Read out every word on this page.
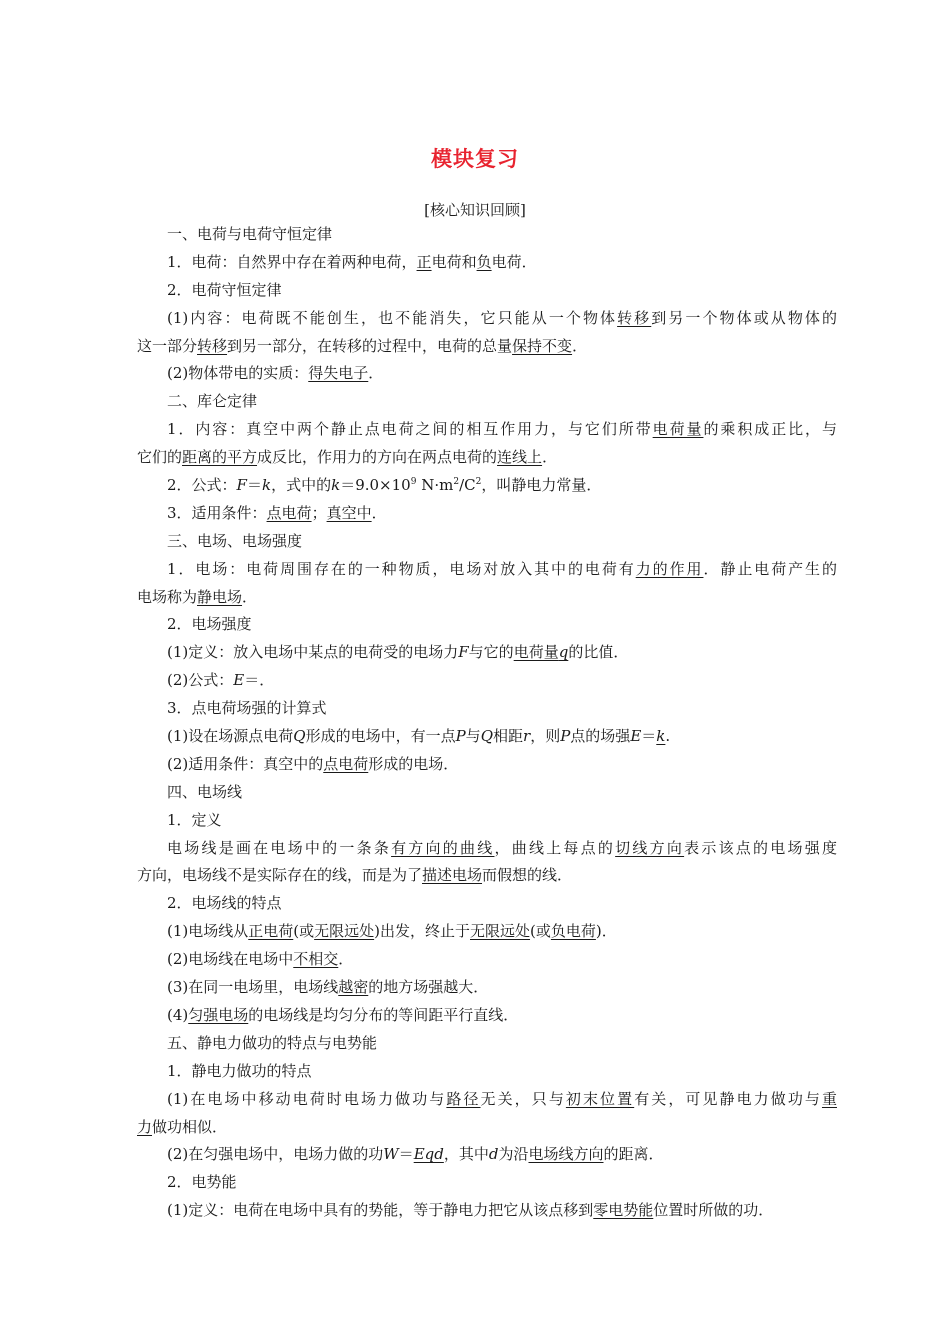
模块复习
[核心知识回顾]
一、电荷与电荷守恒定律
1．电荷：自然界中存在着两种电荷，正电荷和负电荷．
2．电荷守恒定律
(1)内容：电荷既不能创生，也不能消失，它只能从一个物体转移到另一个物体或从物体的
这一部分转移到另一部分，在转移的过程中，电荷的总量保持不变．
(2)物体带电的实质：得失电子．
二、库仑定律
1．内容：真空中两个静止点电荷之间的相互作用力，与它们所带电荷量的乘积成正比，与
它们的距离的平方成反比，作用力的方向在两点电荷的连线上．
2．公式：F＝k，式中的$k=9.0\times 10^9$ $N\cdot m^2/C^2$，叫静电力常量．
3．适用条件：点电荷；真空中．
三、电场、电场强度
1．电场：电荷周围存在的一种物质，电场对放入其中的电荷有力的作用．静止电荷产生的
电场称为静电场．
2．电场强度
(1)定义：放入电场中某点的电荷受的电场力F与它的电荷量q的比值．
(2)公式：E＝．
3．点电荷场强的计算式
(1)设在场源点电荷Q形成的电场中，有一点P与Q相距r，则P点的场强E＝k.
(2)适用条件：真空中的点电荷形成的电场．
四、电场线
1．定义
电场线是画在电场中的一条条有方向的曲线，曲线上每点的切线方向表示该点的电场强度
方向，电场线不是实际存在的线，而是为了描述电场而假想的线．
2．电场线的特点
(1)电场线从正电荷(或无限远处)出发，终止于无限远处(或负电荷)．
(2)电场线在电场中不相交．
(3)在同一电场里，电场线越密的地方场强越大．
(4)匀强电场的电场线是均匀分布的等间距平行直线．
五、静电力做功的特点与电势能
1．静电力做功的特点
(1)在电场中移动电荷时电场力做功与路径无关，只与初末位置有关，可见静电力做功与重
力做功相似．
(2)在匀强电场中，电场力做的功W＝Eqd，其中d为沿电场线方向的距离．
2．电势能
(1)定义：电荷在电场中具有的势能，等于静电力把它从该点移到零电势能位置时所做的功．
